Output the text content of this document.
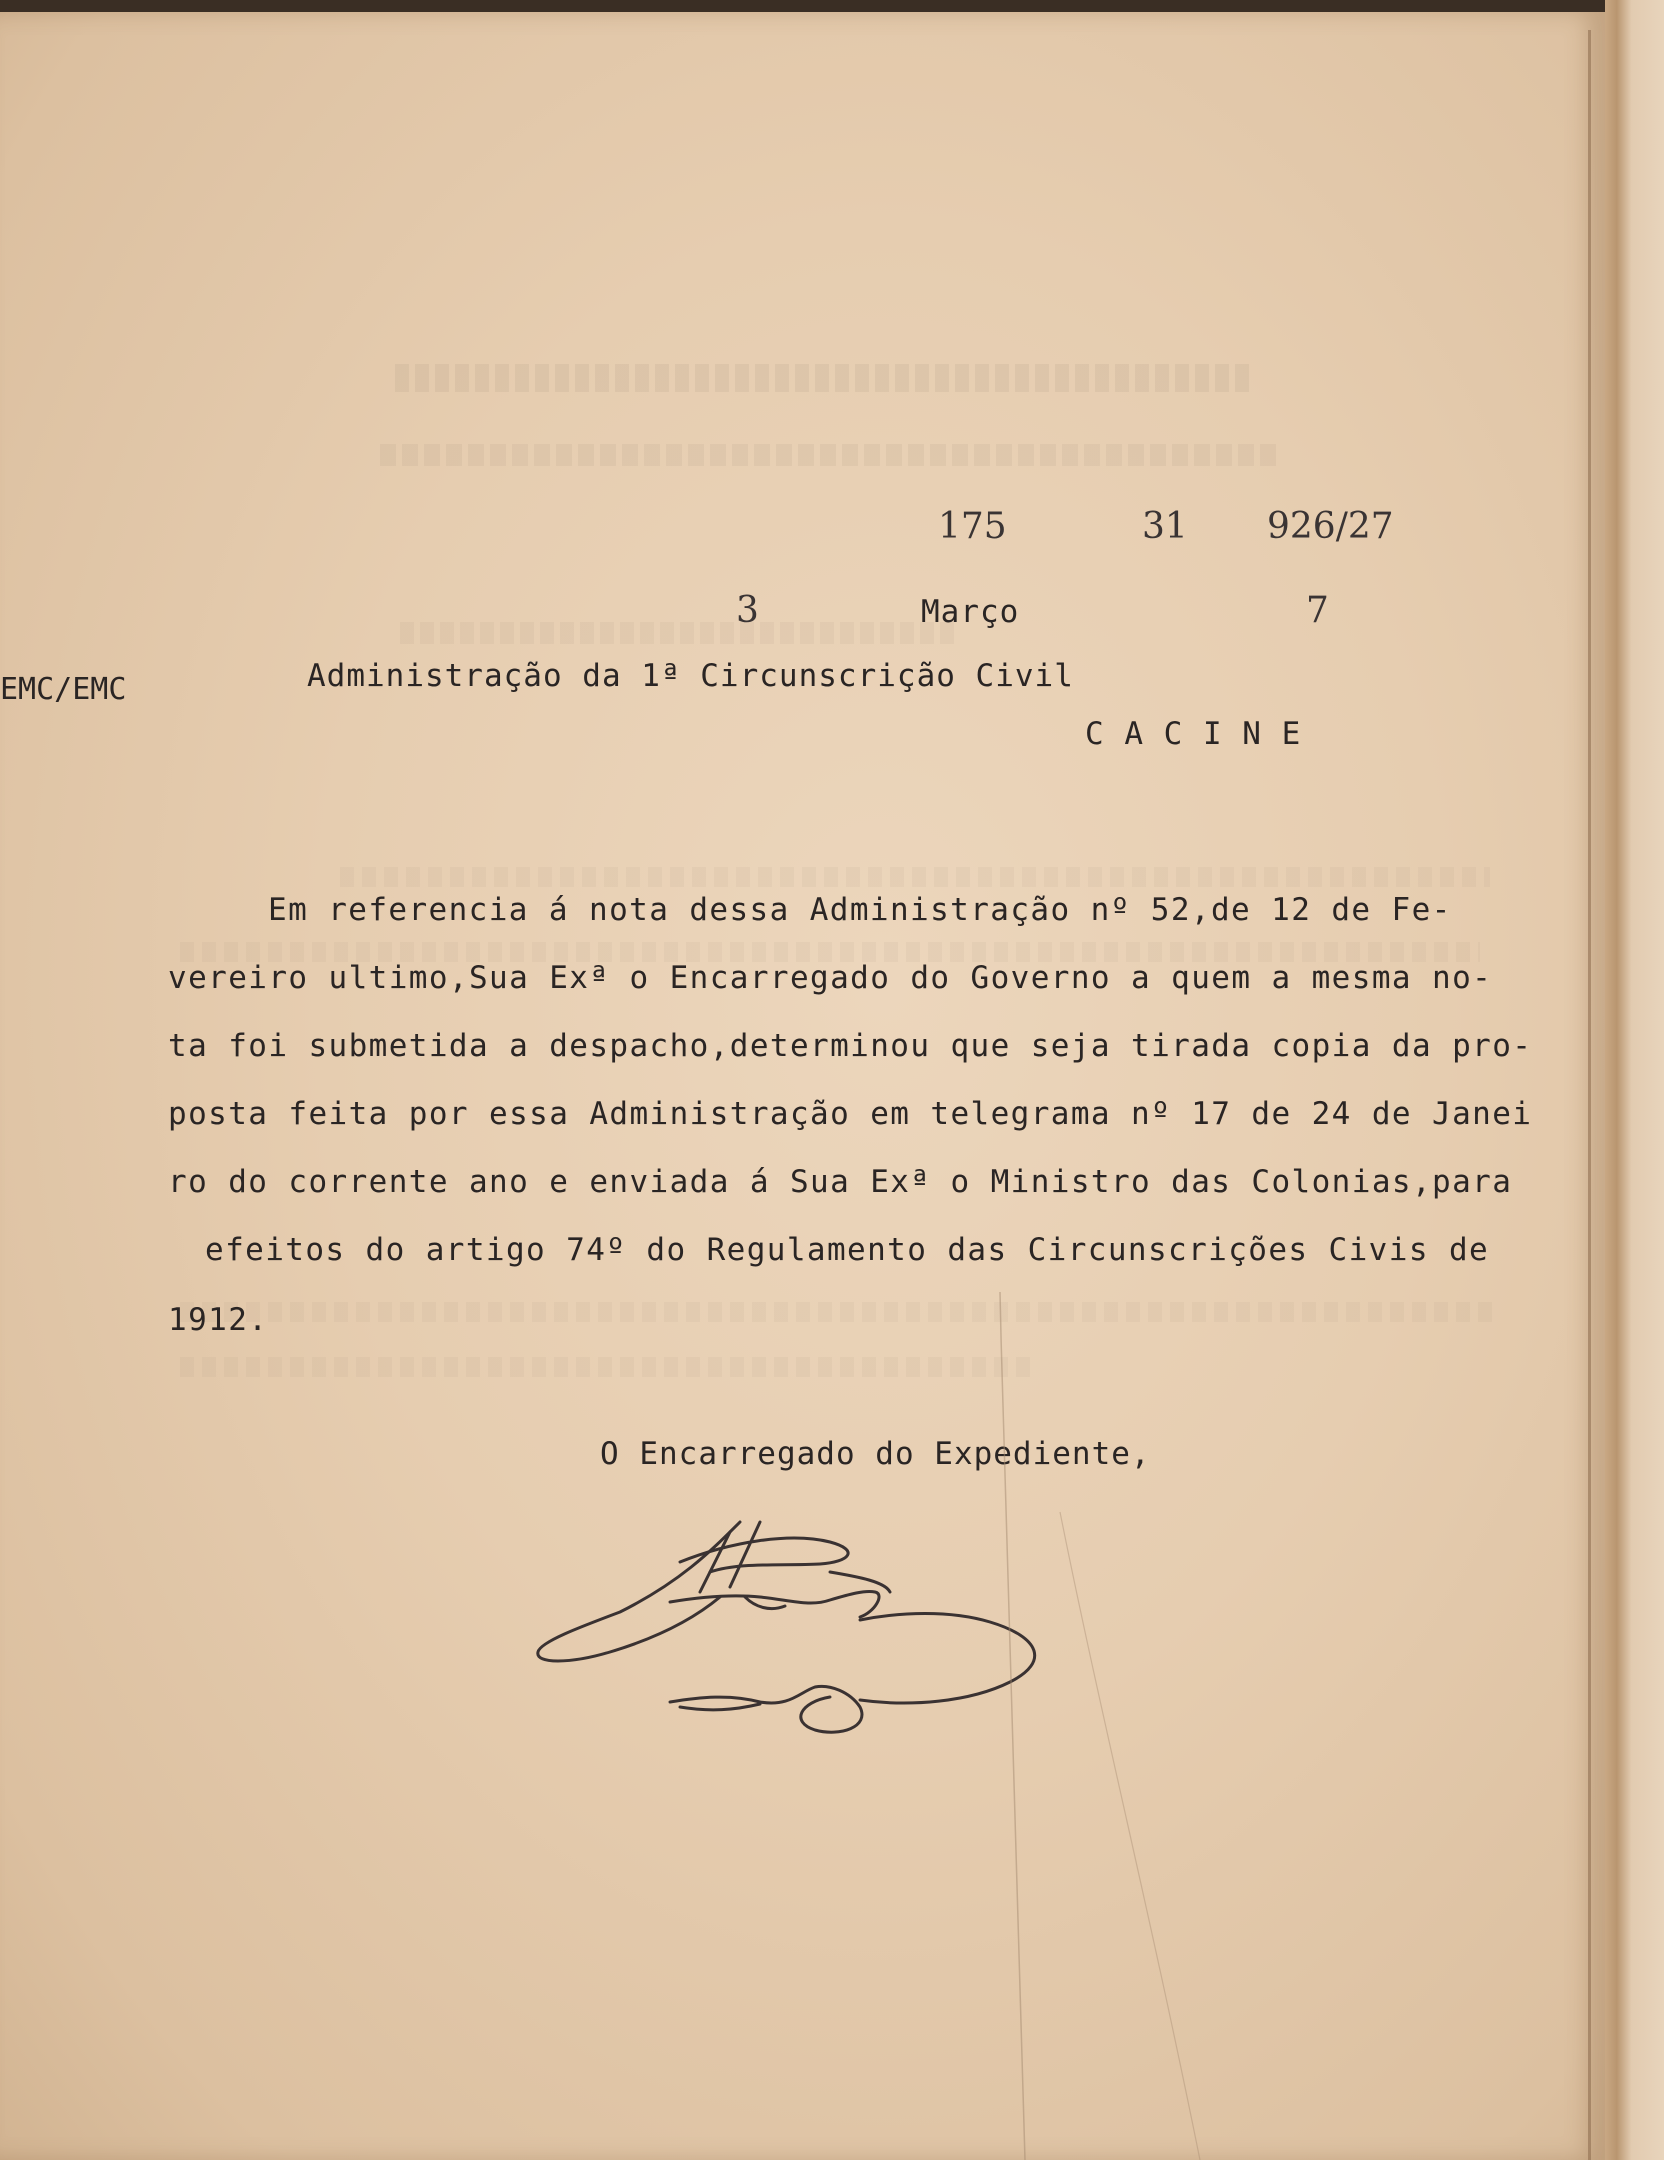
EMC/EMC
175	31 926/27
3	Março	7
Administração da 1ª Circunscrição Civil
C A C I N E
Em referencia á nota dessa Administração nº 52,de 12 de Fe-
vereiro ultimo,Sua Exª o Encarregado do Governo a quem a mesma no-
ta foi submetida a despacho,determinou que seja tirada copia da pro-
posta feita por essa Administração em telegrama nº 17 de 24 de Janei
ro do corrente ano e enviada á Sua Exª o Ministro das Colonias,para
efeitos do artigo 74º do Regulamento das Circunscrições Civis de
1912.
O Encarregado do Expediente,
